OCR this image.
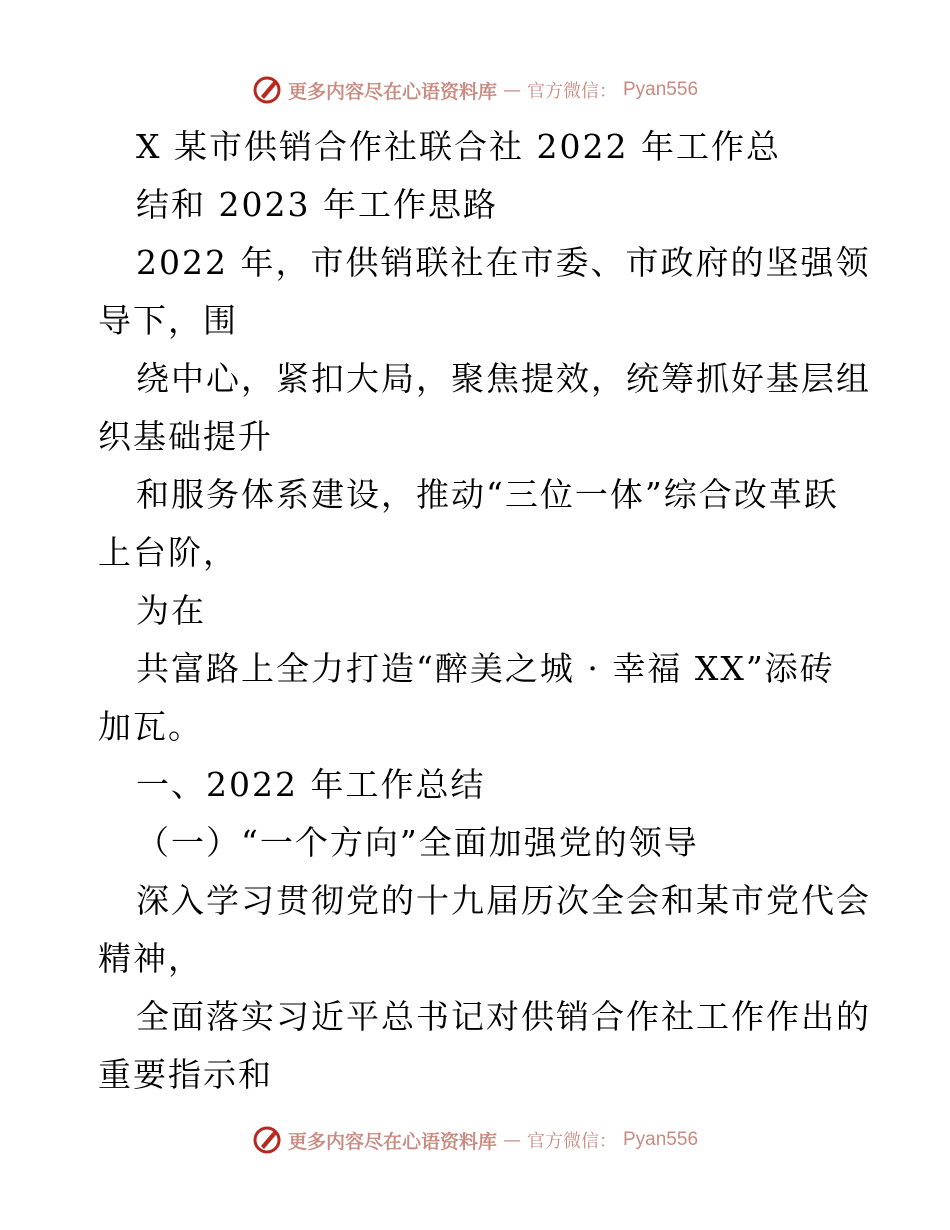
更多内容尽在心语资料库 — 官方微信： Pyan556
X 某市供销合作社联合社 2022 年工作总
结和 2023 年工作思路
2022 年，市供销联社在市委、市政府的坚强领
导下，围
绕中心，紧扣大局，聚焦提效，统筹抓好基层组
织基础提升
和服务体系建设，推动“三位一体”综合改革跃
上台阶，
为在
共富路上全力打造“醉美之城 · 幸福 XX”添砖
加瓦。
一、2022 年工作总结
（一）“一个方向”全面加强党的领导
深入学习贯彻党的十九届历次全会和某市党代会
精神，
全面落实习近平总书记对供销合作社工作作出的
重要指示和
更多内容尽在心语资料库 — 官方微信： Pyan556
